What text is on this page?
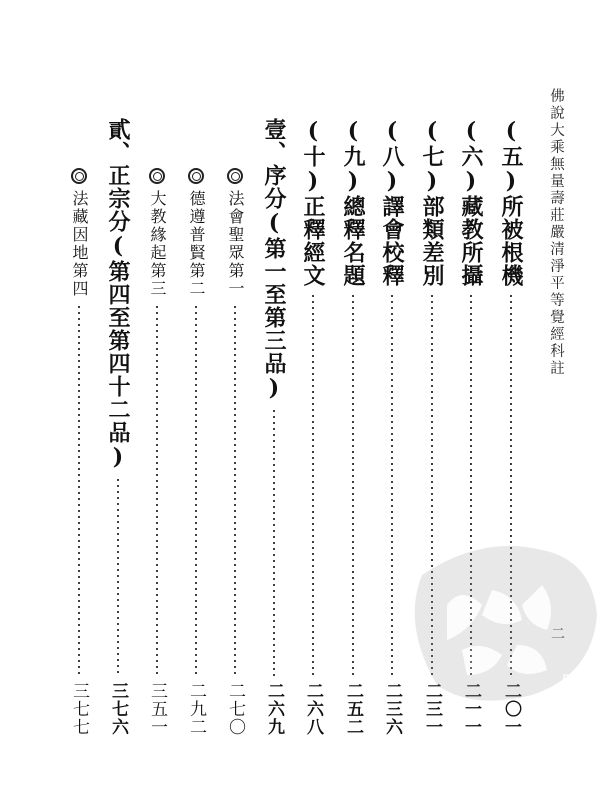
佛說大乘無量壽莊嚴清淨平等覺經科註
二
(五)所被根機
二〇一
(六)藏教所攝
二一一
(七)部類差別
二三一
(八)譯會校釋
二三六
(九)總釋名題
二五二
(十)正釋經文
二六八
壹、序分(第一至第三品)
二六九
法會聖眾第一
二七〇
德遵普賢第二
二九二
大教緣起第三
三五一
貳、正宗分(第四至第四十二品)
三七六
法藏因地第四
三七七
PDG
